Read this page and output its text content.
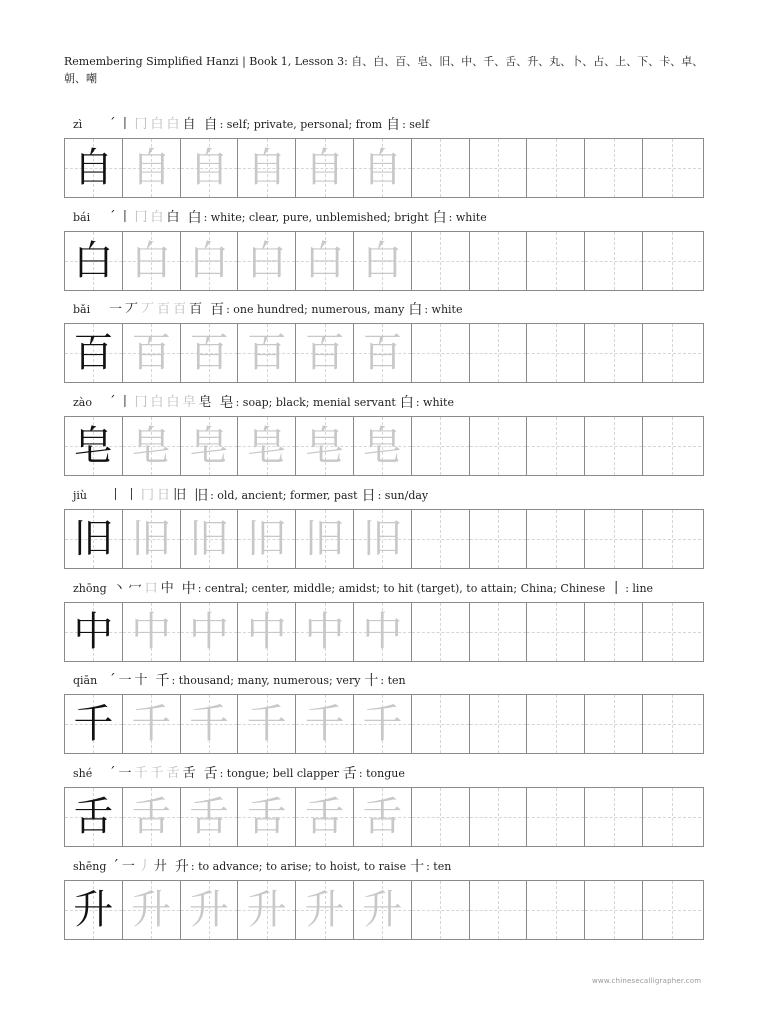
Remembering Simplified Hanzi | Book 1, Lesson 3: 自、白、百、皂、旧、中、千、舌、升、丸、卜、占、上、下、卡、卓、朝、嘲
zì	´ 丨 冂 白 白 自 自 : self; private, personal; from 自 : self
自 自 自 自 自 自
bái	´ 丨 冂 白 白 白 : white; clear, pure, unblemished; bright 白 : white
白 白 白 白 白 白
bǎi	一 丆 丆 百 百 百 百 : one hundred; numerous, many 白 : white
百 百 百 百 百 百
zào	´ 丨 冂 白 白 皁 皂 皂 : soap; black; menial servant 白 : white
皂 皂 皂 皂 皂 皂
jiù	丨 丨 冂 日 旧 旧 : old, ancient; former, past 日 : sun/day
旧 旧 旧 旧 旧 旧
zhōng 丶 冖 口 中 中 : central; center, middle; amidst; to hit (target), to attain; China; Chinese 丨 : line
中 中 中 中 中 中
qiān ´ 一 十 千 : thousand; many, numerous; very 十 : ten
千 千 千 千 千 千
shé	´ 一 千 千 舌 舌 舌 : tongue; bell clapper 舌 : tongue
舌 舌 舌 舌 舌 舌
shēng ´ 一 丿 廾 升 : to advance; to arise; to hoist, to raise 十 : ten
升 升 升 升 升 升
www.chinesecalligrapher.com
